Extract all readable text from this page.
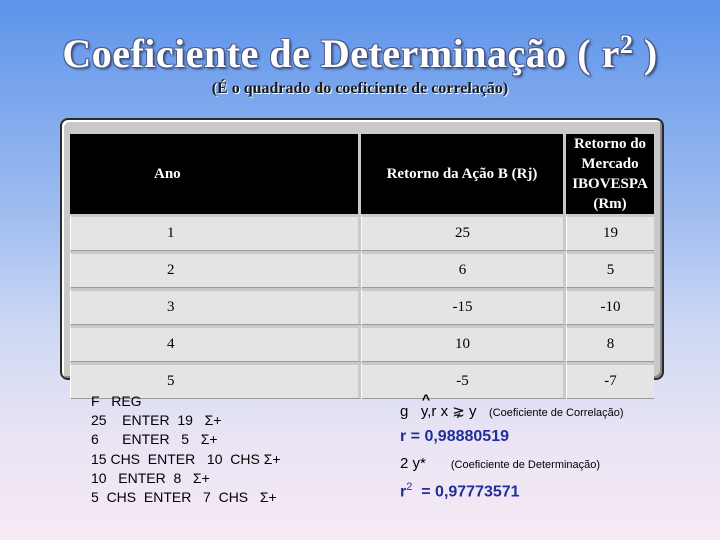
Coeficiente de Determinação ( $r^2$ )
(É o quadrado do coeficiente de correlação)
Ano	Retorno da Ação B (Rj)	Retorno do Mercado IBOVESPA (Rm)
1	25	19
2	6	5
3	-15	-10
4	10	8
5	-5	-7
F   REG
25    ENTER  19   Σ+
6      ENTER   5   Σ+
15 CHS  ENTER   10  CHS Σ+
10   ENTER  8   Σ+
5  CHS  ENTER   7  CHS   Σ+
g
^
y,r x ⋧ y (Coeficiente de Correlação)
r = 0,98880519
2 y* (Coeficiente de Determinação)
$r^2 = 0,97773571$
